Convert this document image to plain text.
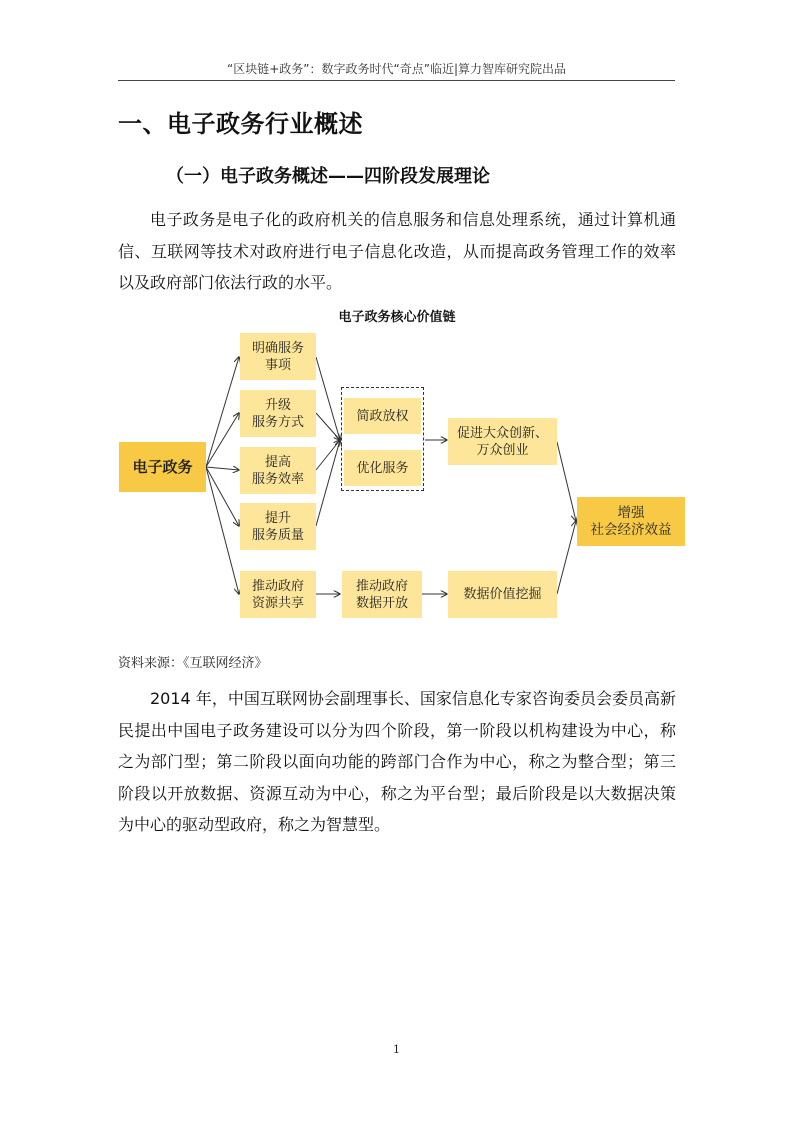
“区块链+政务”：数字政务时代“奇点”临近|算力智库研究院出品
一、电子政务行业概述
（一）电子政务概述——四阶段发展理论

电子政务是电子化的政府机关的信息服务和信息处理系统，通过计算机通信、互联网等技术对政府进行电子信息化改造，从而提高政务管理工作的效率以及政府部门依法行政的水平。

电子政务核心价值链
电子政务
明确服务
事项
升级
服务方式
提高
服务效率
提升
服务质量
推动政府
资源共享
简政放权
优化服务
推动政府
数据开放
促进大众创新、
万众创业
数据价值挖掘
增强
社会经济效益
资料来源：《互联网经济》

2014 年，中国互联网协会副理事长、国家信息化专家咨询委员会委员高新民提出中国电子政务建设可以分为四个阶段，第一阶段以机构建设为中心，称之为部门型；第二阶段以面向功能的跨部门合作为中心，称之为整合型；第三阶段以开放数据、资源互动为中心，称之为平台型；最后阶段是以大数据决策为中心的驱动型政府，称之为智慧型。

1
